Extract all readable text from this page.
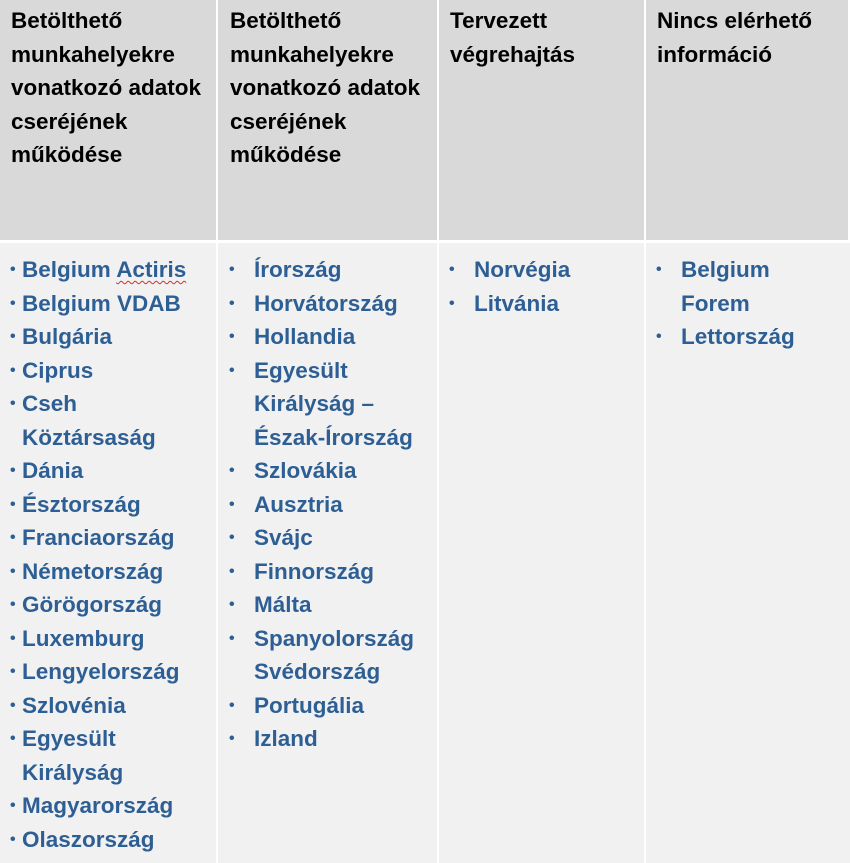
Betölthető munkahelyekre vonatkozó adatok cseréjének működése
Betölthető munkahelyekre vonatkozó adatok cseréjének működése
Tervezett végrehajtás
Nincs elérhető információ
• Belgium Actiris
• Belgium VDAB
• Bulgária
• Ciprus
• Cseh Köztársaság
• Dánia
• Észtország
• Franciaország
• Németország
• Görögország
• Luxemburg
• Lengyelország
• Szlovénia
• Egyesült Királyság
• Magyarország
• Olaszország
• Írország
• Horvátország
• Hollandia
• Egyesült Királyság – Észak-Írország
• Szlovákia
• Ausztria
• Svájc
• Finnország
• Málta
• Spanyolország Svédország
• Portugália
• Izland
• Norvégia
• Litvánia
• Belgium Forem
• Lettország
